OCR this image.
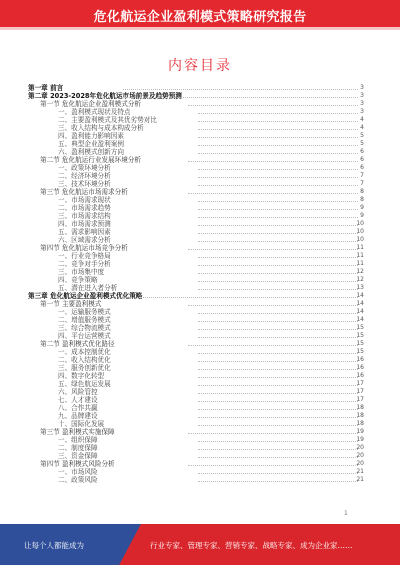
危化航运企业盈利模式策略研究报告
内容目录
第一章 前言	3
第二章 2023-2028年危化航运市场前景及趋势预测	3
第一节 危化航运企业盈利模式分析	3
一、盈利模式现状及特点	3
二、主要盈利模式及其优劣势对比	4
三、收入结构与成本构成分析	4
四、盈利能力影响因素	5
五、典型企业盈利案例	5
六、盈利模式创新方向	6
第二节 危化航运行业发展环境分析	6
一、政策环境分析	6
二、经济环境分析	7
三、技术环境分析	7
第三节 危化航运市场需求分析	8
一、市场需求现状	8
二、市场需求趋势	9
三、市场需求结构	9
四、市场需求预测	10
五、需求影响因素	10
六、区域需求分析	10
第四节 危化航运市场竞争分析	11
一、行业竞争格局	11
二、竞争对手分析	11
三、市场集中度	12
四、竞争策略	12
五、潜在进入者分析	13
第三章 危化航运企业盈利模式优化策略	14
第一节 主要盈利模式	14
一、运输服务模式	14
二、增值服务模式	14
三、综合物流模式	15
四、平台运营模式	15
第二节 盈利模式优化路径	15
一、成本控制优化	15
二、收入结构优化	16
三、服务创新优化	16
四、数字化转型	16
五、绿色航运发展	17
六、风险管控	17
七、人才建设	17
八、合作共赢	18
九、品牌建设	18
十、国际化发展	18
第三节 盈利模式实施保障	19
一、组织保障	19
二、制度保障	20
三、资金保障	20
第四节 盈利模式风险分析	20
一、市场风险	21
二、政策风险	21
1
让每个人都能成为	行业专家、管理专家、营销专家、战略专家、成为企业家……
